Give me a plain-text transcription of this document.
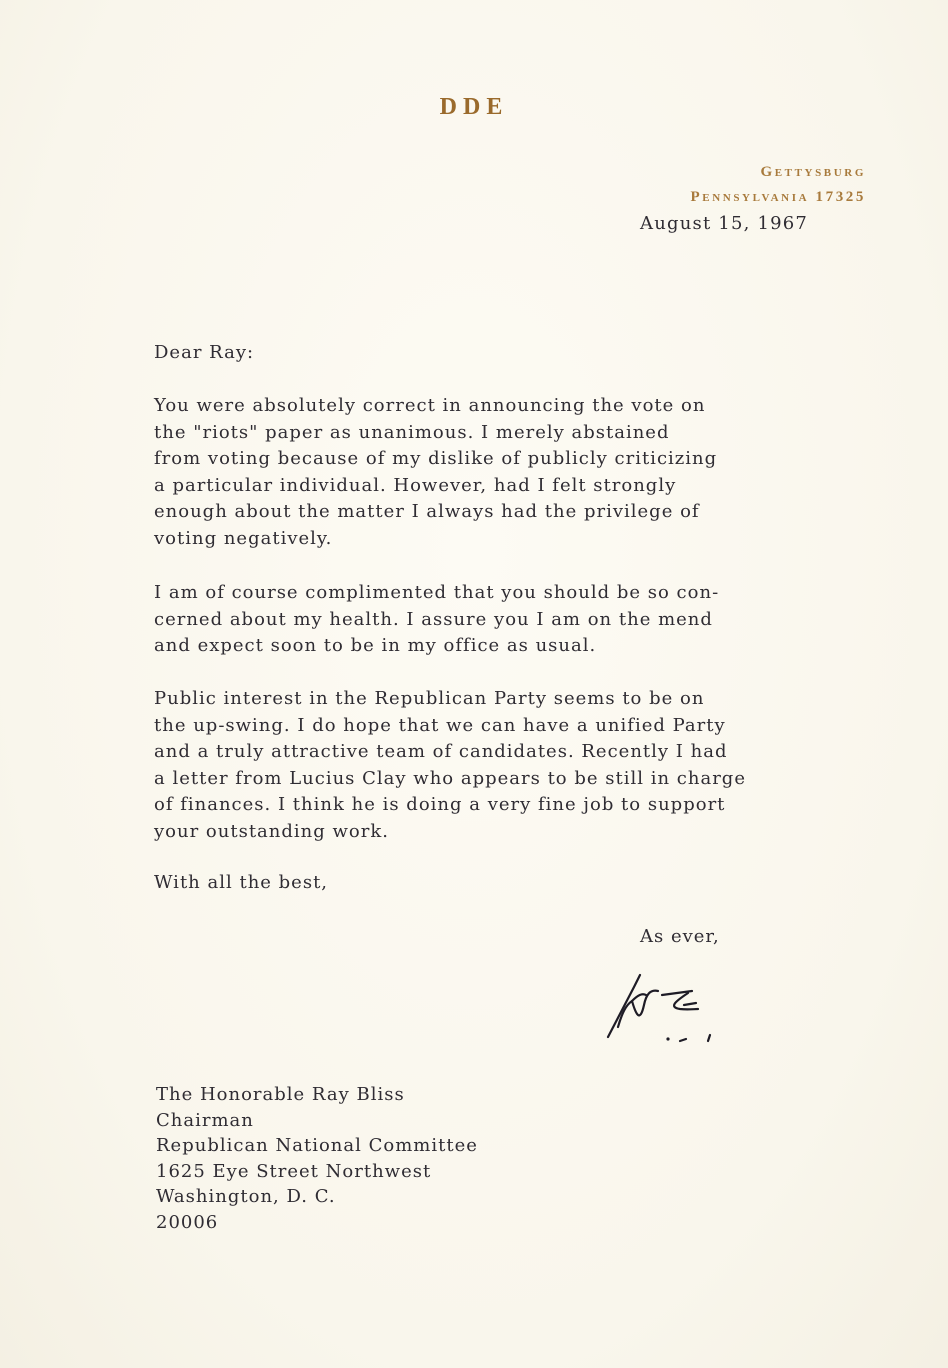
DDE
Gettysburg
Pennsylvania 17325
August 15, 1967
Dear Ray:
You were absolutely correct in announcing the vote on
the "riots" paper as unanimous. I merely abstained
from voting because of my dislike of publicly criticizing
a particular individual. However, had I felt strongly
enough about the matter I always had the privilege of
voting negatively.
I am of course complimented that you should be so con-
cerned about my health. I assure you I am on the mend
and expect soon to be in my office as usual.
Public interest in the Republican Party seems to be on
the up-swing. I do hope that we can have a unified Party
and a truly attractive team of candidates. Recently I had
a letter from Lucius Clay who appears to be still in charge
of finances. I think he is doing a very fine job to support
your outstanding work.
With all the best,
As ever,
The Honorable Ray Bliss
Chairman
Republican National Committee
1625 Eye Street Northwest
Washington, D. C.
20006
